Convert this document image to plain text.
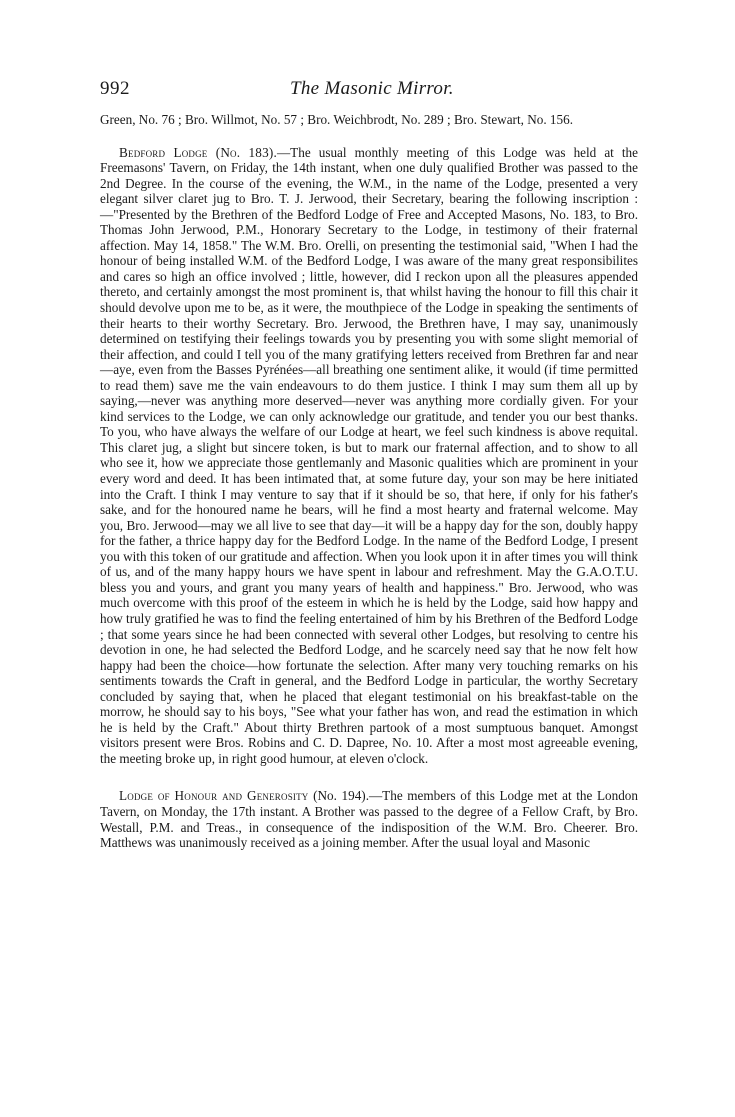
992	The Masonic Mirror.

Green, No. 76 ; Bro. Willmot, No. 57 ; Bro. Weichbrodt, No. 289 ; Bro. Stewart, No. 156.

Bedford Lodge (No. 183).—The usual monthly meeting of this Lodge was held at the Freemasons' Tavern, on Friday, the 14th instant, when one duly qualified Brother was passed to the 2nd Degree. In the course of the evening, the W.M., in the name of the Lodge, presented a very elegant silver claret jug to Bro. T. J. Jerwood, their Secretary, bearing the following inscription :—"Presented by the Brethren of the Bedford Lodge of Free and Accepted Masons, No. 183, to Bro. Thomas John Jerwood, P.M., Honorary Secretary to the Lodge, in testimony of their fraternal affection. May 14, 1858." The W.M. Bro. Orelli, on presenting the testimonial said, "When I had the honour of being installed W.M. of the Bedford Lodge, I was aware of the many great responsibilites and cares so high an office involved ; little, however, did I reckon upon all the pleasures appended thereto, and certainly amongst the most prominent is, that whilst having the honour to fill this chair it should devolve upon me to be, as it were, the mouthpiece of the Lodge in speaking the sentiments of their hearts to their worthy Secretary. Bro. Jerwood, the Brethren have, I may say, unanimously determined on testifying their feelings towards you by presenting you with some slight memorial of their affection, and could I tell you of the many gratifying letters received from Brethren far and near—aye, even from the Basses Pyrénées—all breathing one sentiment alike, it would (if time permitted to read them) save me the vain endeavours to do them justice. I think I may sum them all up by saying,—never was anything more deserved—never was anything more cordially given. For your kind services to the Lodge, we can only acknowledge our gratitude, and tender you our best thanks. To you, who have always the welfare of our Lodge at heart, we feel such kindness is above requital. This claret jug, a slight but sincere token, is but to mark our fraternal affection, and to show to all who see it, how we appreciate those gentlemanly and Masonic qualities which are prominent in your every word and deed. It has been intimated that, at some future day, your son may be here initiated into the Craft. I think I may venture to say that if it should be so, that here, if only for his father's sake, and for the honoured name he bears, will he find a most hearty and fraternal welcome. May you, Bro. Jerwood—may we all live to see that day—it will be a happy day for the son, doubly happy for the father, a thrice happy day for the Bedford Lodge. In the name of the Bedford Lodge, I present you with this token of our gratitude and affection. When you look upon it in after times you will think of us, and of the many happy hours we have spent in labour and refreshment. May the G.A.O.T.U. bless you and yours, and grant you many years of health and happiness." Bro. Jerwood, who was much overcome with this proof of the esteem in which he is held by the Lodge, said how happy and how truly gratified he was to find the feeling entertained of him by his Brethren of the Bedford Lodge ; that some years since he had been connected with several other Lodges, but resolving to centre his devotion in one, he had selected the Bedford Lodge, and he scarcely need say that he now felt how happy had been the choice—how fortunate the selection. After many very touching remarks on his sentiments towards the Craft in general, and the Bedford Lodge in particular, the worthy Secretary concluded by saying that, when he placed that elegant testimonial on his breakfast-table on the morrow, he should say to his boys, "See what your father has won, and read the estimation in which he is held by the Craft." About thirty Brethren partook of a most sumptuous banquet. Amongst visitors present were Bros. Robins and C. D. Dapree, No. 10. After a most most agreeable evening, the meeting broke up, in right good humour, at eleven o'clock.

Lodge of Honour and Generosity (No. 194).—The members of this Lodge met at the London Tavern, on Monday, the 17th instant. A Brother was passed to the degree of a Fellow Craft, by Bro. Westall, P.M. and Treas., in consequence of the indisposition of the W.M. Bro. Cheerer. Bro. Matthews was unanimously received as a joining member. After the usual loyal and Masonic
